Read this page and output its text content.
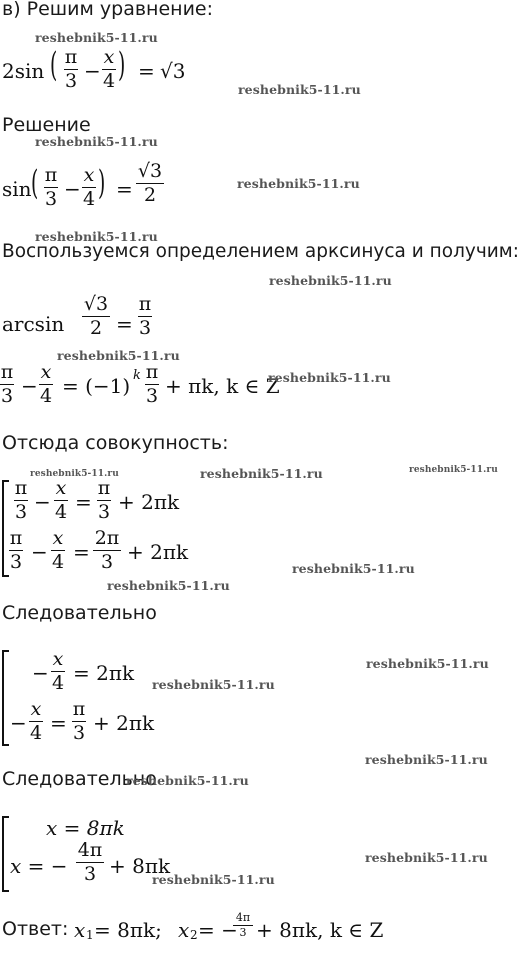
в) Решим уравнение:
reshebnik5-11.ru
2sin ( π
3 −
x
4 ) = √3
reshebnik5-11.ru
Решение
reshebnik5-11.ru
sin ( π
3 −
x
4 ) =
√3
2
reshebnik5-11.ru
reshebnik5-11.ru
Воспользуемся определением арксинуса и получим:
reshebnik5-11.ru
arcsin
√3
2 =
π
3
reshebnik5-11.ru
π
3 −
x
4 = (−1) k π
3 + πk, k ∈ Z
reshebnik5-11.ru
Отсюда совокупность:
reshebnik5-11.ru	reshebnik5-11.ru	reshebnik5-11.ru
π
3 −
x
4 =
π
3 + 2πk
π
3 −
x
4 =
2π
3 + 2πk
reshebnik5-11.ru
reshebnik5-11.ru
Следовательно
−
x
4 = 2πk
−
x
4 =
π
3 + 2πk
reshebnik5-11.ru
reshebnik5-11.ru
reshebnik5-11.ru
Следовательно
reshebnik5-11.ru
x = 8πk
x = −
4π
3 + 8πk	reshebnik5-11.ru
reshebnik5-11.ru
Ответ: x 1 = 8πk; x 2 = −
4π
3 + 8πk, k ∈ Z
